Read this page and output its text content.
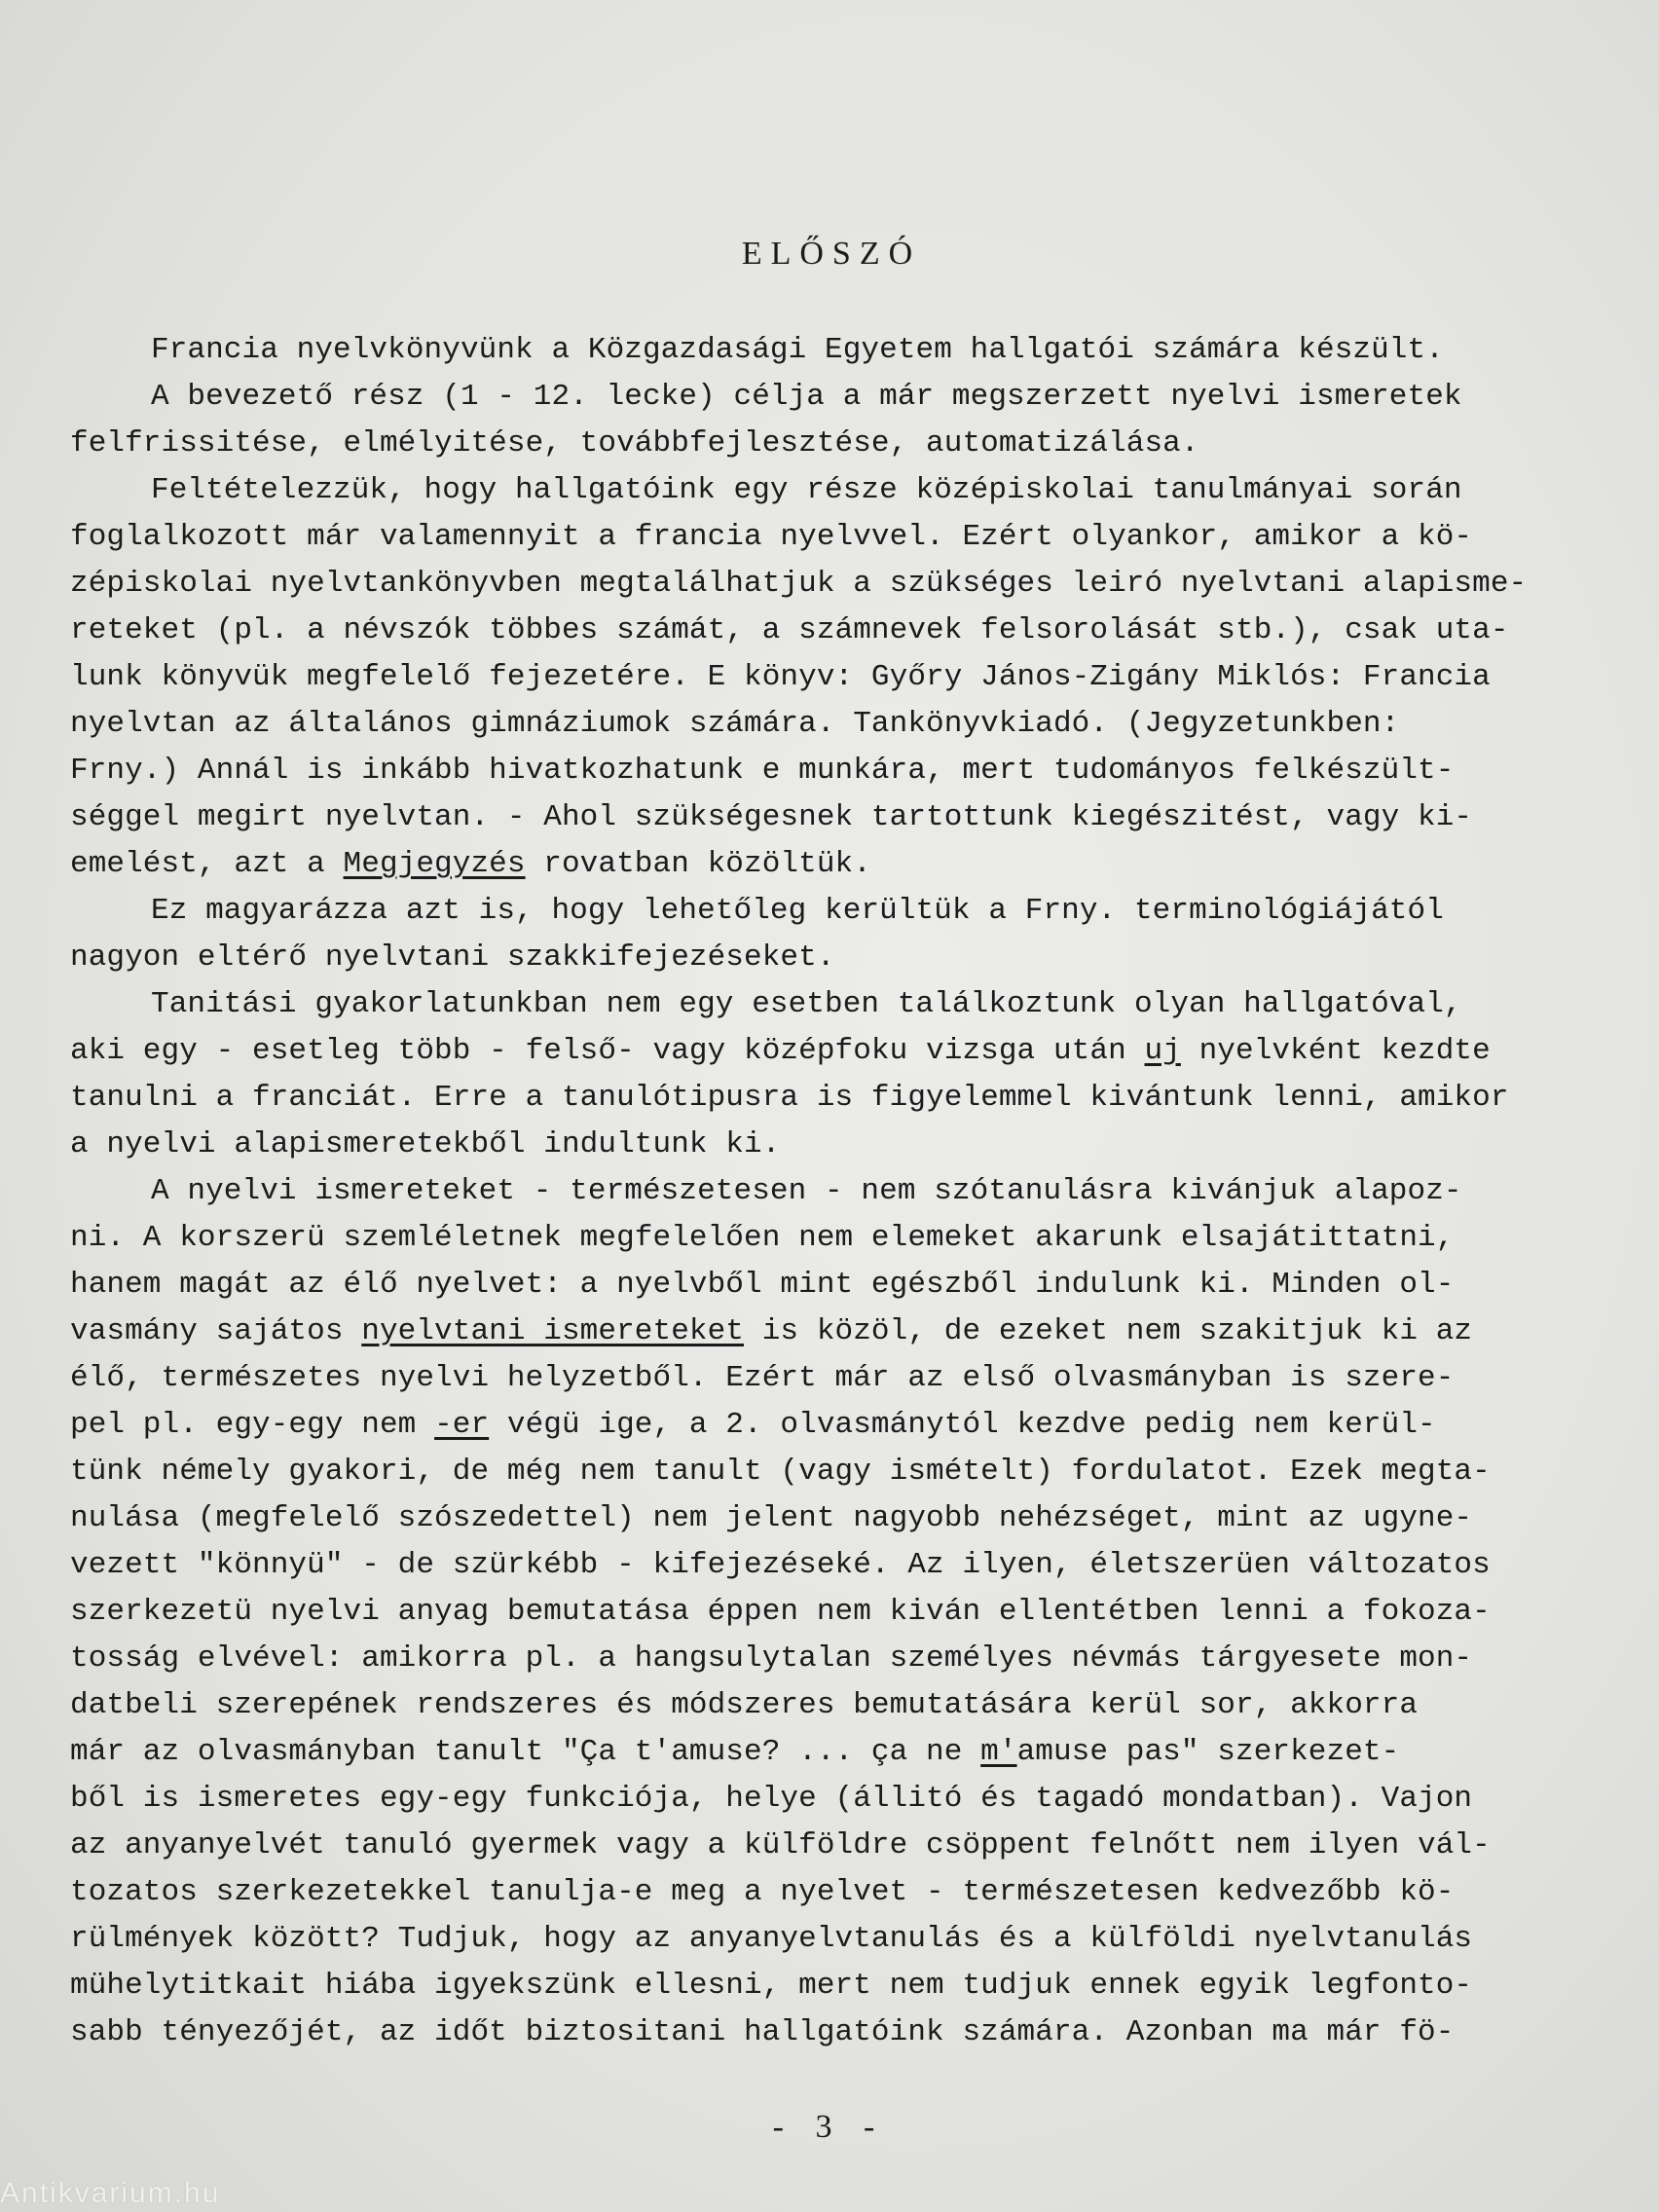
ELŐSZÓ
Francia nyelvkönyvünk a Közgazdasági Egyetem hallgatói számára készült.
A bevezető rész (1 - 12. lecke) célja a már megszerzett nyelvi ismeretek
felfrissitése, elmélyitése, továbbfejlesztése, automatizálása.
Feltételezzük, hogy hallgatóink egy része középiskolai tanulmányai során
foglalkozott már valamennyit a francia nyelvvel. Ezért olyankor, amikor a kö-
zépiskolai nyelvtankönyvben megtalálhatjuk a szükséges leiró nyelvtani alapisme-
reteket (pl. a névszók többes számát, a számnevek felsorolását stb.), csak uta-
lunk könyvük megfelelő fejezetére. E könyv: Győry János-Zigány Miklós: Francia
nyelvtan az általános gimnáziumok számára. Tankönyvkiadó. (Jegyzetunkben:
Frny.) Annál is inkább hivatkozhatunk e munkára, mert tudományos felkészült-
séggel megirt nyelvtan. - Ahol szükségesnek tartottunk kiegészitést, vagy ki-
emelést, azt a Megjegyzés rovatban közöltük.
Ez magyarázza azt is, hogy lehetőleg kerültük a Frny. terminológiájától
nagyon eltérő nyelvtani szakkifejezéseket.
Tanitási gyakorlatunkban nem egy esetben találkoztunk olyan hallgatóval,
aki egy - esetleg több - felső- vagy középfoku vizsga után uj nyelvként kezdte
tanulni a franciát. Erre a tanulótipusra is figyelemmel kivántunk lenni, amikor
a nyelvi alapismeretekből indultunk ki.
A nyelvi ismereteket - természetesen - nem szótanulásra kivánjuk alapoz-
ni. A korszerü szemléletnek megfelelően nem elemeket akarunk elsajátittatni,
hanem magát az élő nyelvet: a nyelvből mint egészből indulunk ki. Minden ol-
vasmány sajátos nyelvtani ismereteket is közöl, de ezeket nem szakitjuk ki az
élő, természetes nyelvi helyzetből. Ezért már az első olvasmányban is szere-
pel pl. egy-egy nem -er végü ige, a 2. olvasmánytól kezdve pedig nem kerül-
tünk némely gyakori, de még nem tanult (vagy ismételt) fordulatot. Ezek megta-
nulása (megfelelő szószedettel) nem jelent nagyobb nehézséget, mint az ugyne-
vezett "könnyü" - de szürkébb - kifejezéseké. Az ilyen, életszerüen változatos
szerkezetü nyelvi anyag bemutatása éppen nem kiván ellentétben lenni a fokoza-
tosság elvével: amikorra pl. a hangsulytalan személyes névmás tárgyesete mon-
datbeli szerepének rendszeres és módszeres bemutatására kerül sor, akkorra
már az olvasmányban tanult "Ça t'amuse? ... ça ne m'amuse pas" szerkezet-
ből is ismeretes egy-egy funkciója, helye (állitó és tagadó mondatban). Vajon
az anyanyelvét tanuló gyermek vagy a külföldre csöppent felnőtt nem ilyen vál-
tozatos szerkezetekkel tanulja-e meg a nyelvet - természetesen kedvezőbb kö-
rülmények között? Tudjuk, hogy az anyanyelvtanulás és a külföldi nyelvtanulás
mühelytitkait hiába igyekszünk ellesni, mert nem tudjuk ennek egyik legfonto-
sabb tényezőjét, az időt biztositani hallgatóink számára. Azonban ma már fö-
- 3 -
Antikvarium.hu
